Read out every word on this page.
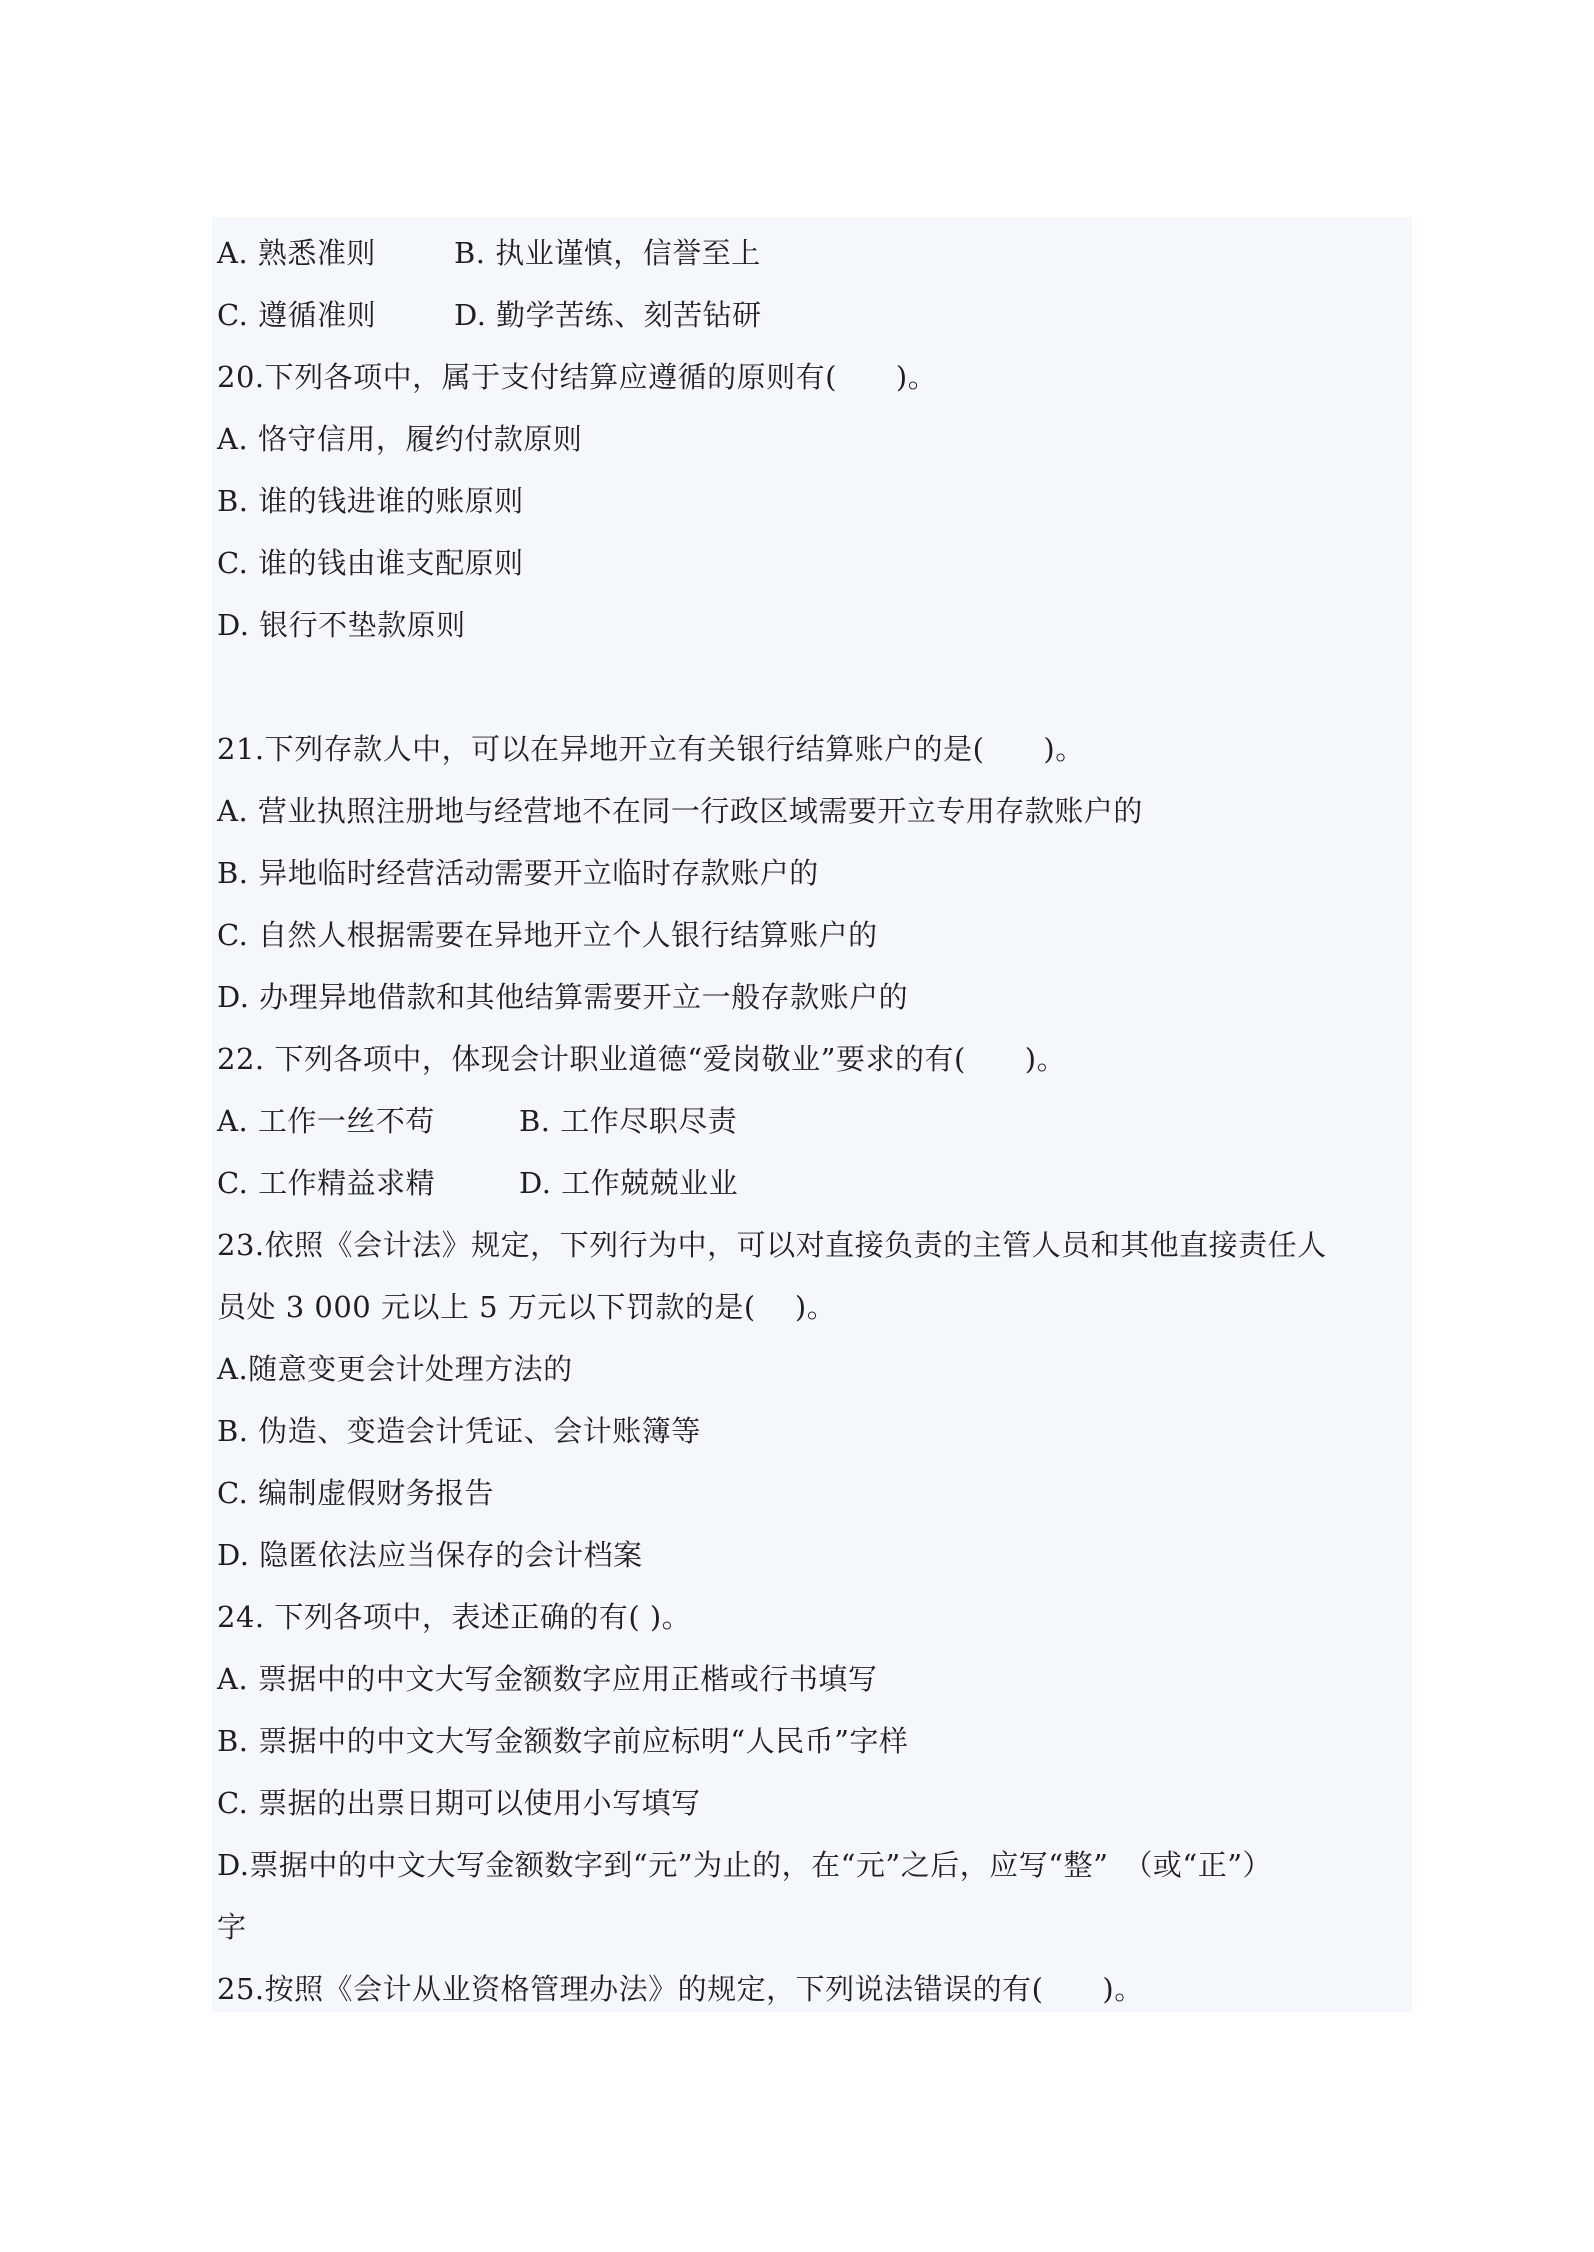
A. 熟悉准则	B. 执业谨慎，信誉至上
C. 遵循准则	D. 勤学苦练、刻苦钻研
20.下列各项中，属于支付结算应遵循的原则有(　　)。
A. 恪守信用，履约付款原则
B. 谁的钱进谁的账原则
C. 谁的钱由谁支配原则
D. 银行不垫款原则
21.下列存款人中，可以在异地开立有关银行结算账户的是(　　)。
A. 营业执照注册地与经营地不在同一行政区域需要开立专用存款账户的
B. 异地临时经营活动需要开立临时存款账户的
C. 自然人根据需要在异地开立个人银行结算账户的
D. 办理异地借款和其他结算需要开立一般存款账户的
22. 下列各项中，体现会计职业道德“爱岗敬业”要求的有(　　)。
A. 工作一丝不苟	B. 工作尽职尽责
C. 工作精益求精	D. 工作兢兢业业
23.依照《会计法》规定，下列行为中，可以对直接负责的主管人员和其他直接责任人
员处 3 000 元以上 5 万元以下罚款的是(　 )。
A.随意变更会计处理方法的
B. 伪造、变造会计凭证、会计账簿等
C. 编制虚假财务报告
D. 隐匿依法应当保存的会计档案
24. 下列各项中，表述正确的有( )。
A. 票据中的中文大写金额数字应用正楷或行书填写
B. 票据中的中文大写金额数字前应标明“人民币”字样
C. 票据的出票日期可以使用小写填写
D.票据中的中文大写金额数字到“元”为止的，在“元”之后，应写“整”　（或“正”）
字
25.按照《会计从业资格管理办法》的规定，下列说法错误的有(　　)。
